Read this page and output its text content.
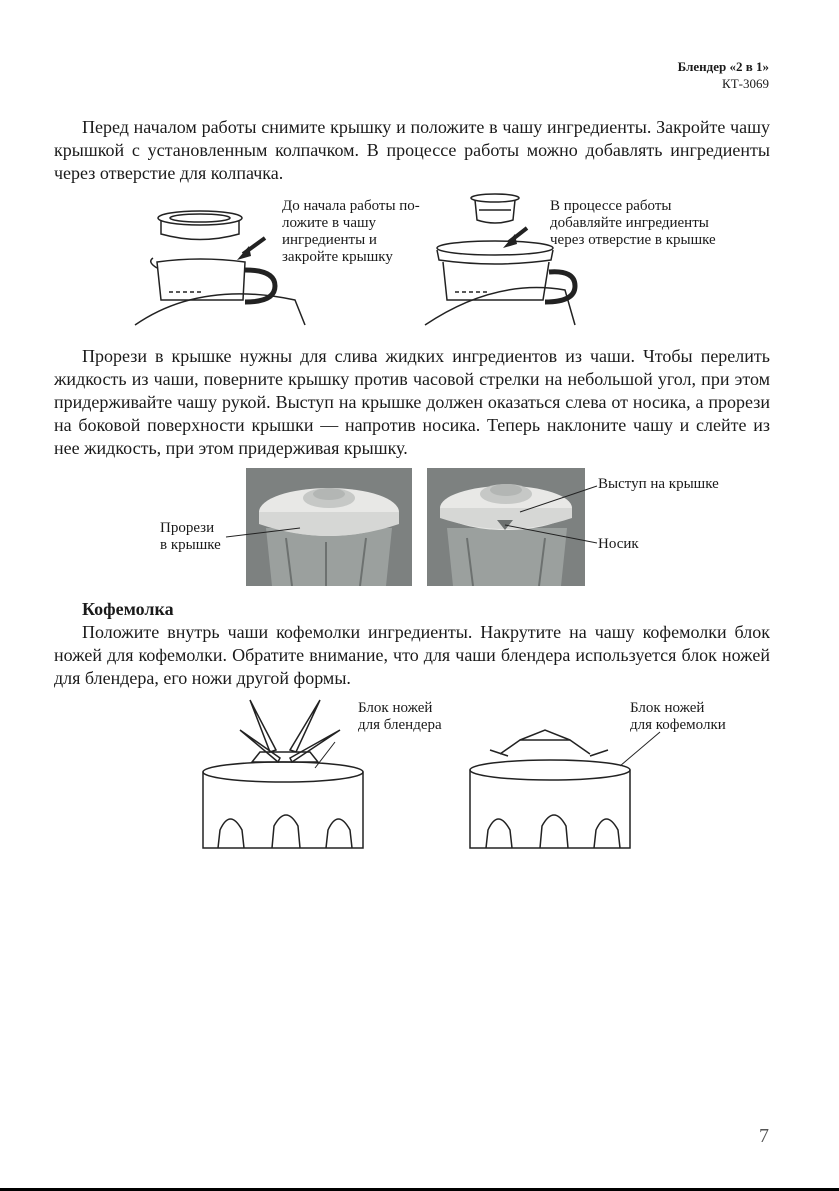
Блендер «2 в 1»
КТ-3069

Перед началом работы снимите крышку и положите в чашу ингредиенты. Закройте чашу крышкой с установленным колпачком. В процессе работы можно добавлять ингредиенты через отверстие для колпачка.

До начала работы по-
ложите в чашу
ингредиенты и
закройте крышку
В процессе работы
добавляйте ингредиенты
через отверстие в крышке

Прорези в крышке нужны для слива жидких ингредиентов из чаши. Чтобы перелить жидкость из чаши, поверните крышку против часовой стрелки на небольшой угол, при этом придерживайте чашу рукой. Выступ на крышке должен оказаться слева от носика, а прорези на боковой поверхности крышки — напротив носика. Теперь наклоните чашу и слейте из нее жидкость, при этом придерживая крышку.

Прорези
в крышке
Выступ на крышке
Носик
Кофемолка

Положите внутрь чаши кофемолки ингредиенты. Накрутите на чашу кофемолки блок ножей для кофемолки. Обратите внимание, что для чаши блендера используется блок ножей для блендера, его ножи другой формы.

Блок ножей
для блендера
Блок ножей
для кофемолки
7
